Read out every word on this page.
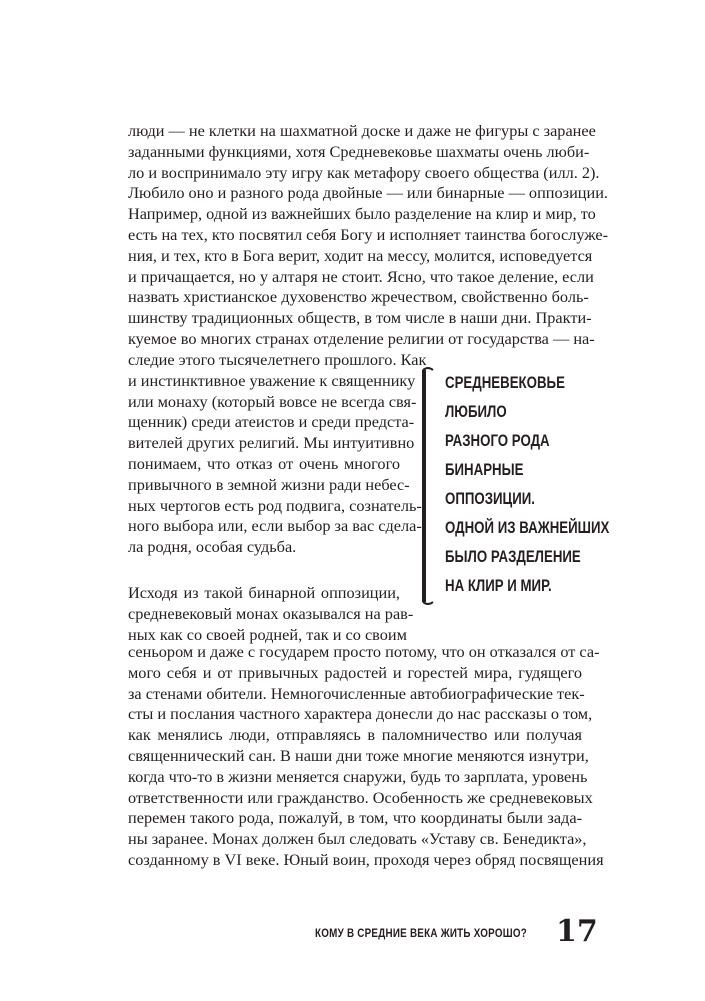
люди — не клетки на шахматной доске и даже не фигуры с заранее
заданными функциями, хотя Средневековье шахматы очень люби-
ло и воспринимало эту игру как метафору своего общества (илл. 2).
Любило оно и разного рода двойные — или бинарные — оппозиции.
Например, одной из важнейших было разделение на клир и мир, то
есть на тех, кто посвятил себя Богу и исполняет таинства богослуже-
ния, и тех, кто в Бога верит, ходит на мессу, молится, исповедуется
и причащается, но у алтаря не стоит. Ясно, что такое деление, если
назвать христианское духовенство жречеством, свойственно боль-
шинству традиционных обществ, в том числе в наши дни. Практи-
куемое во многих странах отделение религии от государства — на-
следие этого тысячелетнего прошлого. Как
и инстинктивное уважение к священнику
или монаху (который вовсе не всегда свя-
щенник) среди атеистов и среди предста-
вителей других религий. Мы интуитивно
понимаем, что отказ от очень многого
привычного в земной жизни ради небес-
ных чертогов есть род подвига, сознатель-
ного выбора или, если выбор за вас сдела-
ла родня, особая судьба.
Исходя из такой бинарной оппозиции,
средневековый монах оказывался на рав-
ных как со своей родней, так и со своим
сеньором и даже с государем просто потому, что он отказался от са-
мого себя и от привычных радостей и горестей мира, гудящего
за стенами обители. Немногочисленные автобиографические тек-
сты и послания частного характера донесли до нас рассказы о том,
как менялись люди, отправляясь в паломничество или получая
священнический сан. В наши дни тоже многие меняются изнутри,
когда что-то в жизни меняется снаружи, будь то зарплата, уровень
ответственности или гражданство. Особенность же средневековых
перемен такого рода, пожалуй, в том, что координаты были зада-
ны заранее. Монах должен был следовать «Уставу св. Бенедикта»,
созданному в VI веке. Юный воин, проходя через обряд посвящения
СРЕДНЕВЕКОВЬЕ
ЛЮБИЛО
РАЗНОГО РОДА
БИНАРНЫЕ
ОППОЗИЦИИ.
ОДНОЙ ИЗ ВАЖНЕЙШИХ
БЫЛО РАЗДЕЛЕНИЕ
НА КЛИР И МИР.
КОМУ В СРЕДНИЕ ВЕКА ЖИТЬ ХОРОШО? 17
